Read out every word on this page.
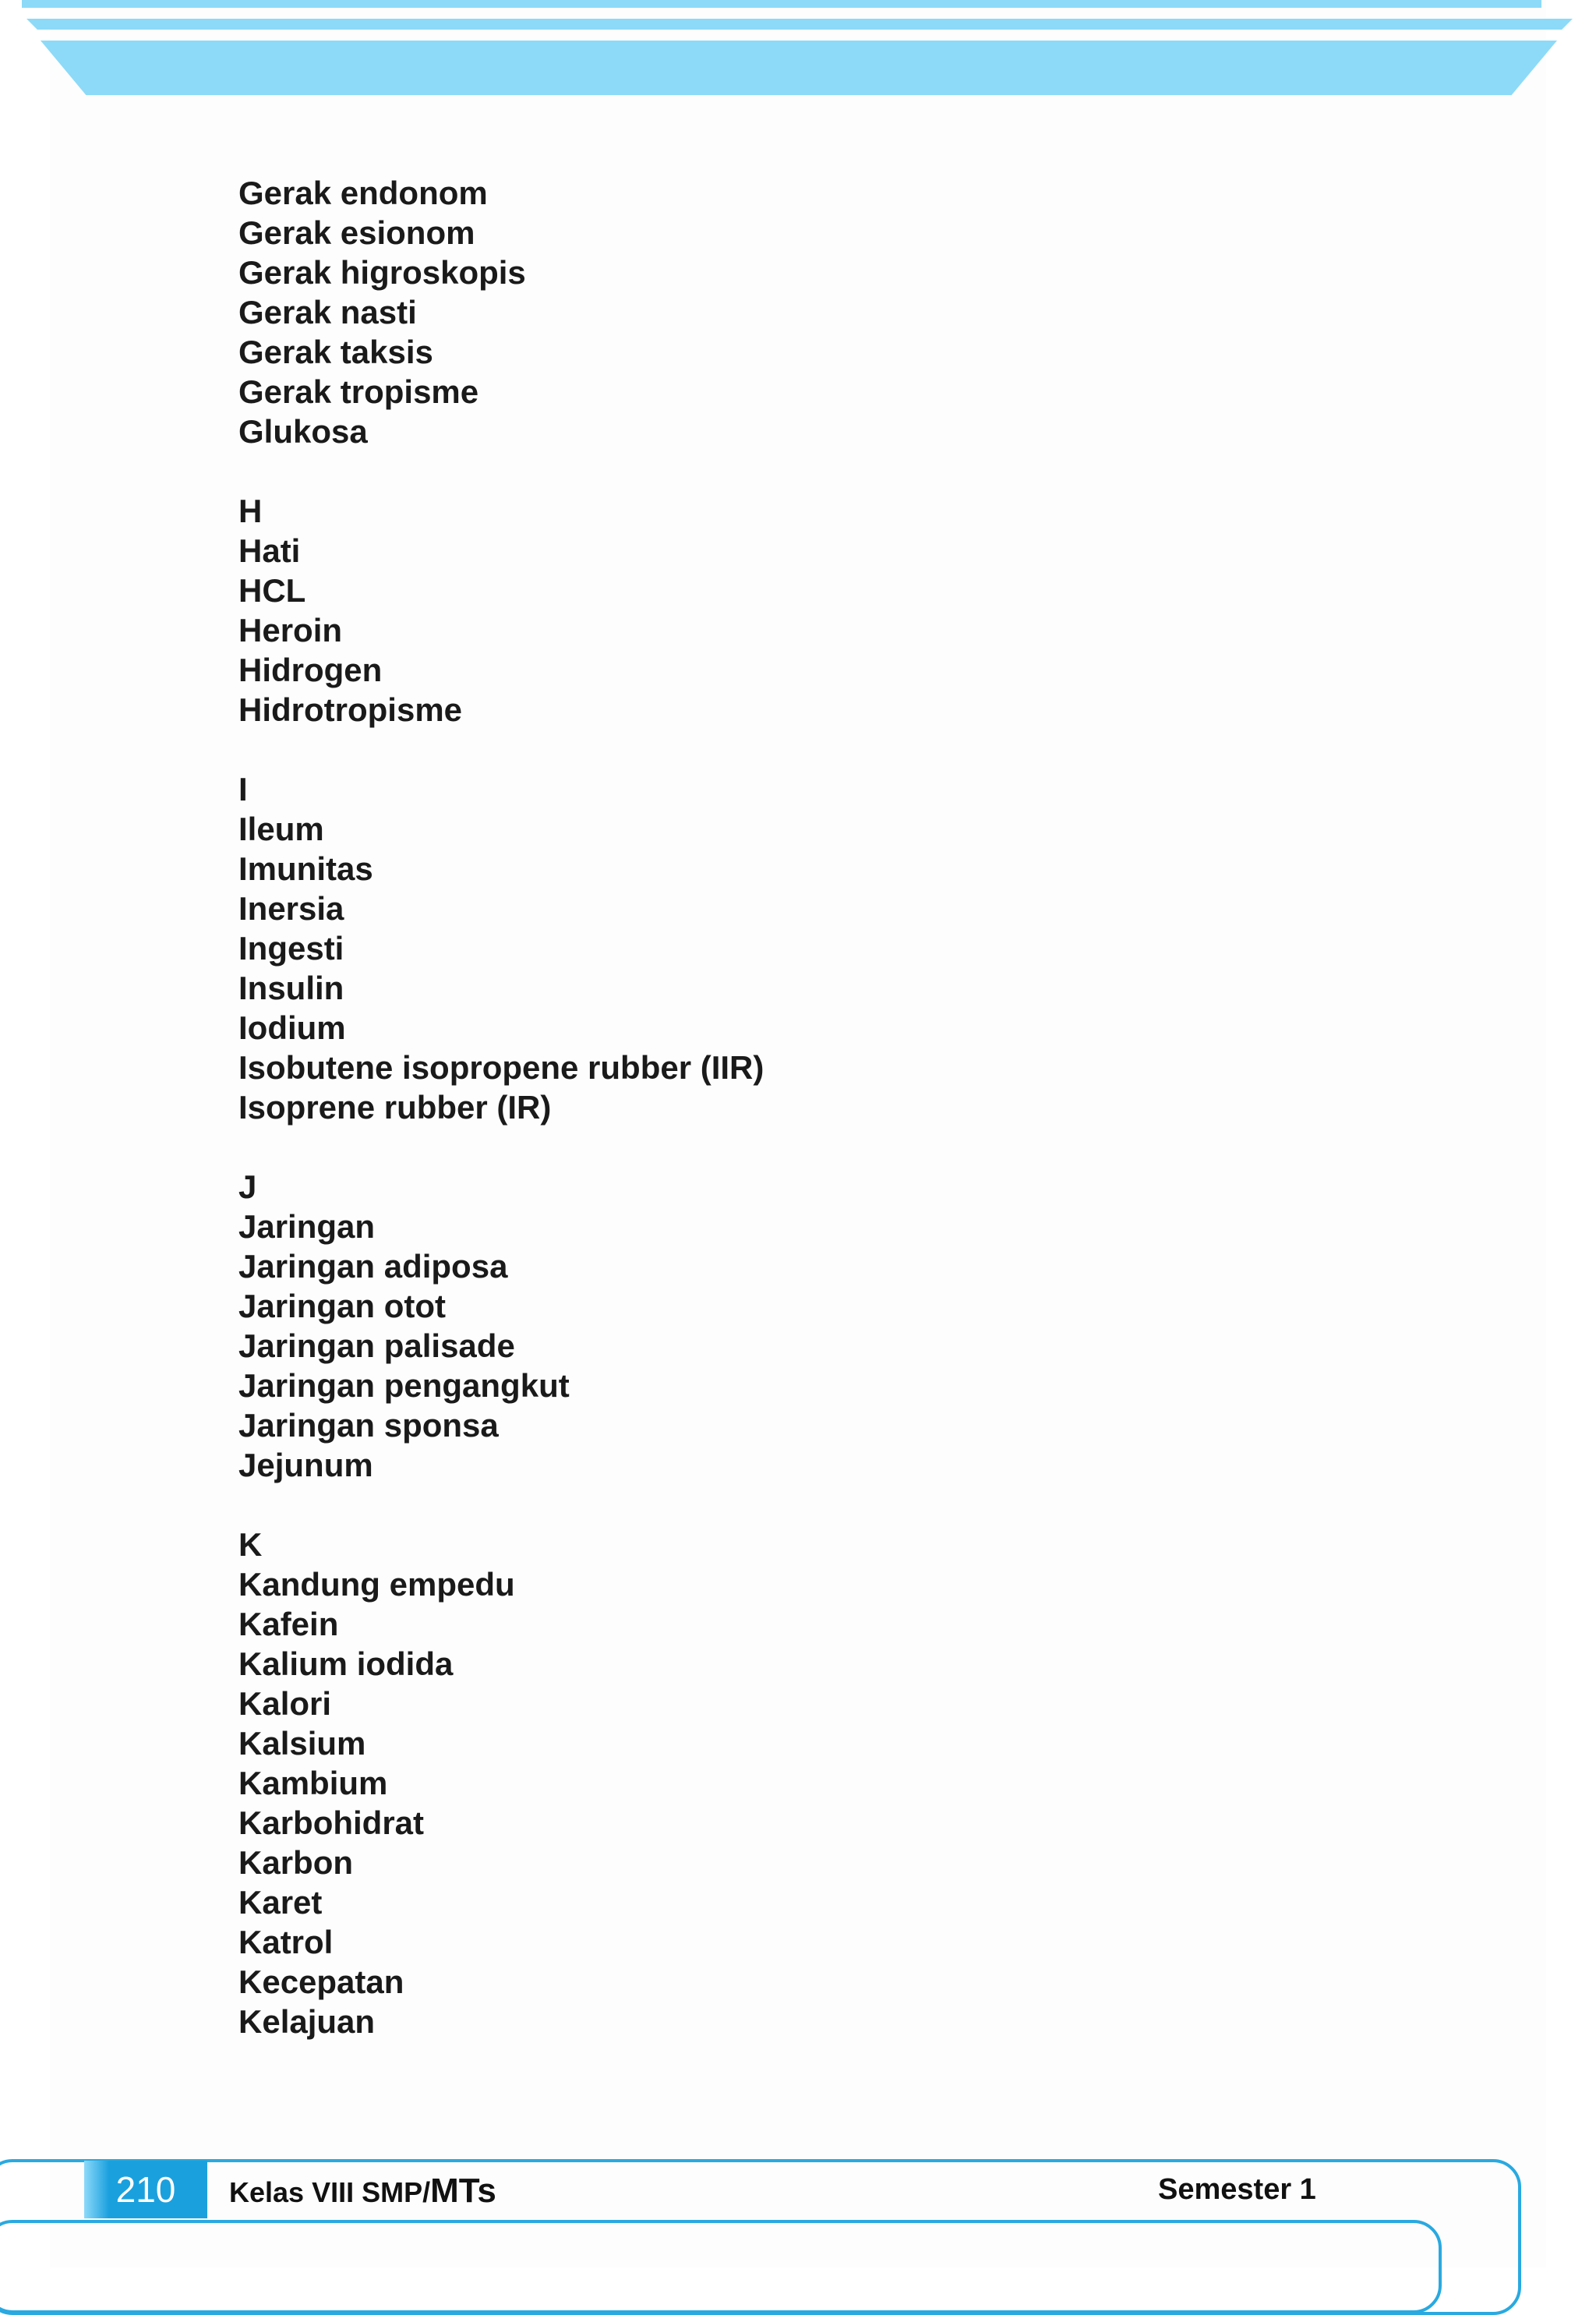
Gerak endonom
Gerak esionom
Gerak higroskopis
Gerak nasti
Gerak taksis
Gerak tropisme
Glukosa
H
Hati
HCL
Heroin
Hidrogen
Hidrotropisme
I
Ileum
Imunitas
Inersia
Ingesti
Insulin
Iodium
Isobutene isopropene rubber (IIR)
Isoprene rubber (IR)
J
Jaringan
Jaringan adiposa
Jaringan otot
Jaringan palisade
Jaringan pengangkut
Jaringan sponsa
Jejunum
K
Kandung empedu
Kafein
Kalium iodida
Kalori
Kalsium
Kambium
Karbohidrat
Karbon
Karet
Katrol
Kecepatan
Kelajuan
210 Kelas VIII SMP/MTs	Semester 1
